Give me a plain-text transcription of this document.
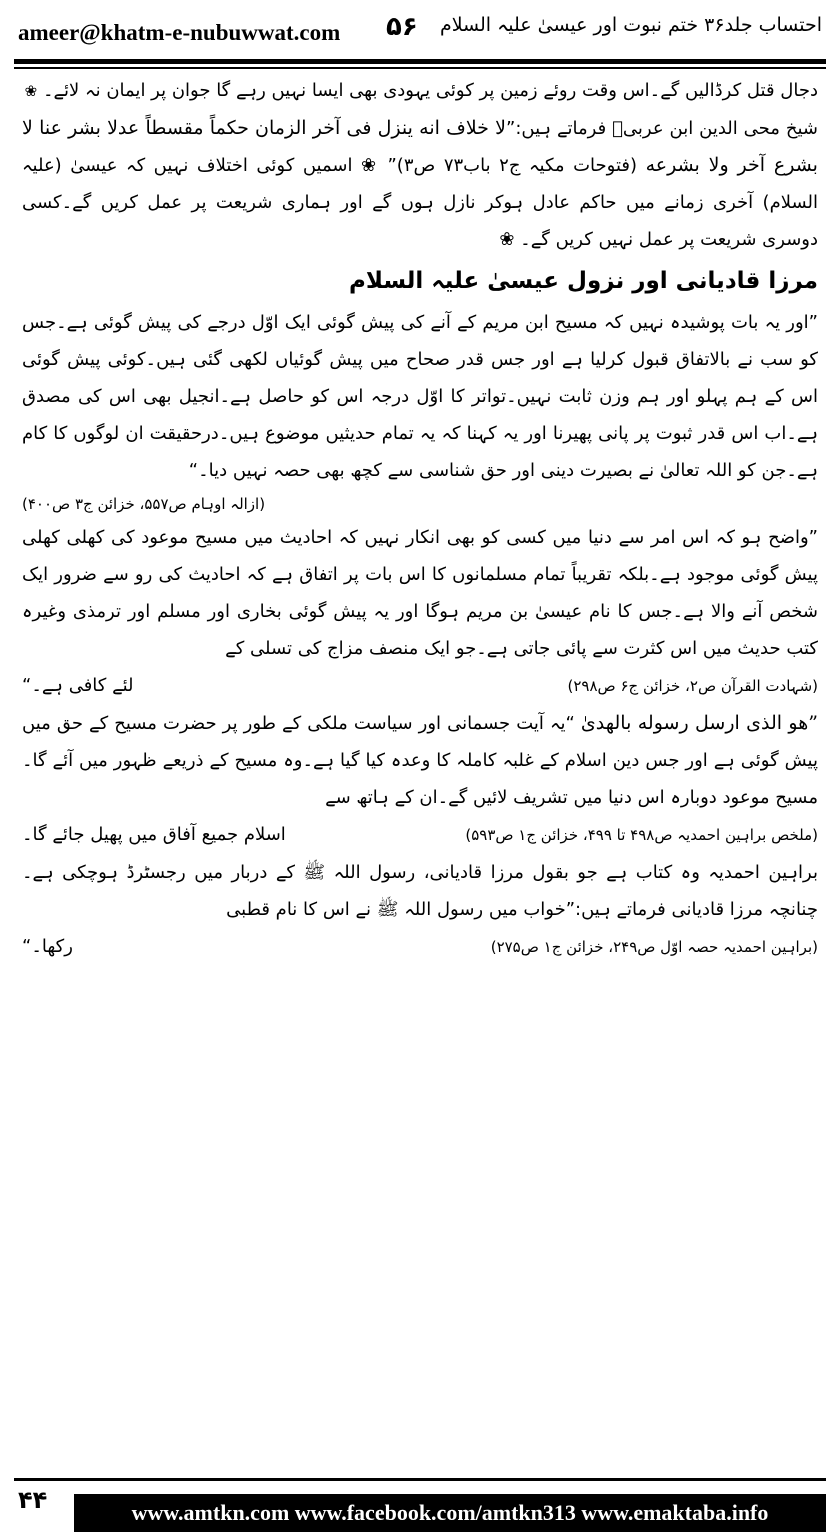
ameer@khatm-e-nubuwwat.com ۵۶ احتساب جلد۳۶ ختم نبوت اور عیسیٰ علیہ السلام

دجال قتل کرڈالیں گے۔اس وقت روئے زمین پر کوئی یہودی بھی ایسا نہیں رہے گا جوان پر ایمان نہ لائے۔ ❀

شیخ محی الدین ابن عربیؒ فرماتے ہیں:”لا خلاف انه ینزل فی آخر الزمان حکماً مقسطاً عدلا بشر عنا لا بشرع آخر ولا بشرعه (فتوحات مکیہ ج۲ باب۷۳ ص۳)” ❀ اسمیں کوئی اختلاف نہیں کہ عیسیٰ (علیہ السلام) آخری زمانے میں حاکم عادل ہوکر نازل ہوں گے اور ہماری شریعت پر عمل کریں گے۔کسی دوسری شریعت پر عمل نہیں کریں گے۔ ❀

مرزا قادیانی اور نزول عیسیٰ علیہ السلام

”اور یہ بات پوشیدہ نہیں کہ مسیح ابن مریم کے آنے کی پیش گوئی ایک اوّل درجے کی پیش گوئی ہے۔جس کو سب نے بالاتفاق قبول کرلیا ہے اور جس قدر صحاح میں پیش گوئیاں لکھی گئی ہیں۔کوئی پیش گوئی اس کے ہم پہلو اور ہم وزن ثابت نہیں۔تواتر کا اوّل درجہ اس کو حاصل ہے۔انجیل بھی اس کی مصدق ہے۔اب اس قدر ثبوت پر پانی پھیرنا اور یہ کہنا کہ یہ تمام حدیثیں موضوع ہیں۔درحقیقت ان لوگوں کا کام ہے۔جن کو اللہ تعالیٰ نے بصیرت دینی اور حق شناسی سے کچھ بھی حصہ نہیں دیا۔“

(ازالہ اوہام ص۵۵۷، خزائن ج۳ ص۴۰۰)

”واضح ہو کہ اس امر سے دنیا میں کسی کو بھی انکار نہیں کہ احادیث میں مسیح موعود کی کھلی کھلی پیش گوئی موجود ہے۔بلکہ تقریباً تمام مسلمانوں کا اس بات پر اتفاق ہے کہ احادیث کی رو سے ضرور ایک شخص آنے والا ہے۔جس کا نام عیسیٰ بن مریم ہوگا اور یہ پیش گوئی بخاری اور مسلم اور ترمذی وغیرہ کتب حدیث میں اس کثرت سے پائی جاتی ہے۔جو ایک منصف مزاج کی تسلی کے

لئے کافی ہے۔“	(شہادت القرآن ص۲، خزائن ج۶ ص۲۹۸)

”هو الذی ارسل رسوله بالهدیٰ “یہ آیت جسمانی اور سیاست ملکی کے طور پر حضرت مسیح کے حق میں پیش گوئی ہے اور جس دین اسلام کے غلبہ کاملہ کا وعدہ کیا گیا ہے۔وہ مسیح کے ذریعے ظہور میں آئے گا۔مسیح موعود دوبارہ اس دنیا میں تشریف لائیں گے۔ان کے ہاتھ سے

اسلام جمیع آفاق میں پھیل جائے گا۔	(ملخص براہین احمدیہ ص۴۹۸ تا ۴۹۹، خزائن ج۱ ص۵۹۳)

براہین احمدیہ وہ کتاب ہے جو بقول مرزا قادیانی، رسول اللہ ﷺ کے دربار میں رجسٹرڈ ہوچکی ہے۔چنانچہ مرزا قادیانی فرماتے ہیں:”خواب میں رسول اللہ ﷺ نے اس کا نام قطبی

رکھا۔“	(براہین احمدیہ حصہ اوّل ص۲۴۹، خزائن ج۱ ص۲۷۵)
۴۴	www.amtkn.com www.facebook.com/amtkn313 www.emaktaba.info
